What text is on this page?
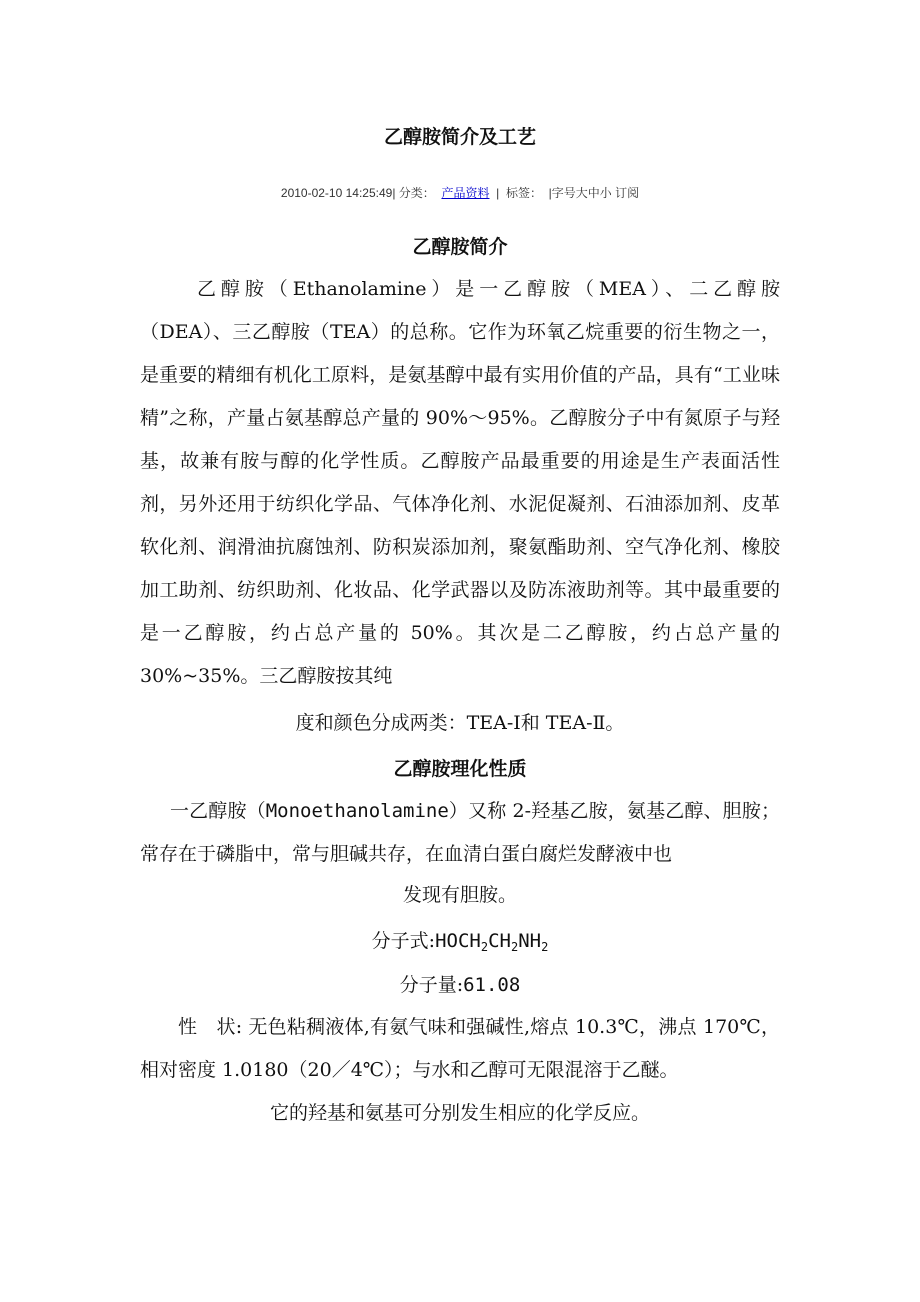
乙醇胺简介及工艺
2010-02-10 14:25:49| 分类： 产品资料 | 标签： |字号大中小 订阅
乙醇胺简介

乙醇胺（Ethanolamine）是一乙醇胺（MEA）、二乙醇胺（DEA）、三乙醇胺（TEA）的总称。它作为环氧乙烷重要的衍生物之一，是重要的精细有机化工原料，是氨基醇中最有实用价值的产品，具有“工业味精”之称，产量占氨基醇总产量的 90%～95%。乙醇胺分子中有氮原子与羟基，故兼有胺与醇的化学性质。乙醇胺产品最重要的用途是生产表面活性剂，另外还用于纺织化学品、气体净化剂、水泥促凝剂、石油添加剂、皮革软化剂、润滑油抗腐蚀剂、防积炭添加剂，聚氨酯助剂、空气净化剂、橡胶加工助剂、纺织助剂、化妆品、化学武器以及防冻液助剂等。其中最重要的是一乙醇胺，约占总产量的 50%。其次是二乙醇胺，约占总产量的 30%~35%。三乙醇胺按其纯

度和颜色分成两类：TEA-Ⅰ和 TEA-Ⅱ。

乙醇胺理化性质

一乙醇胺（Monoethanolamine）又称 2-羟基乙胺，氨基乙醇、胆胺；常存在于磷脂中，常与胆碱共存，在血清白蛋白腐烂发酵液中也

发现有胆胺。

分子式$:HOCH_2CH_2NH_2$

分子量:61.08

性　状: 无色粘稠液体,有氨气味和强碱性,熔点 10.3℃，沸点 170℃，相对密度 1.0180（20／4℃）；与水和乙醇可无限混溶于乙醚。

它的羟基和氨基可分别发生相应的化学反应。
